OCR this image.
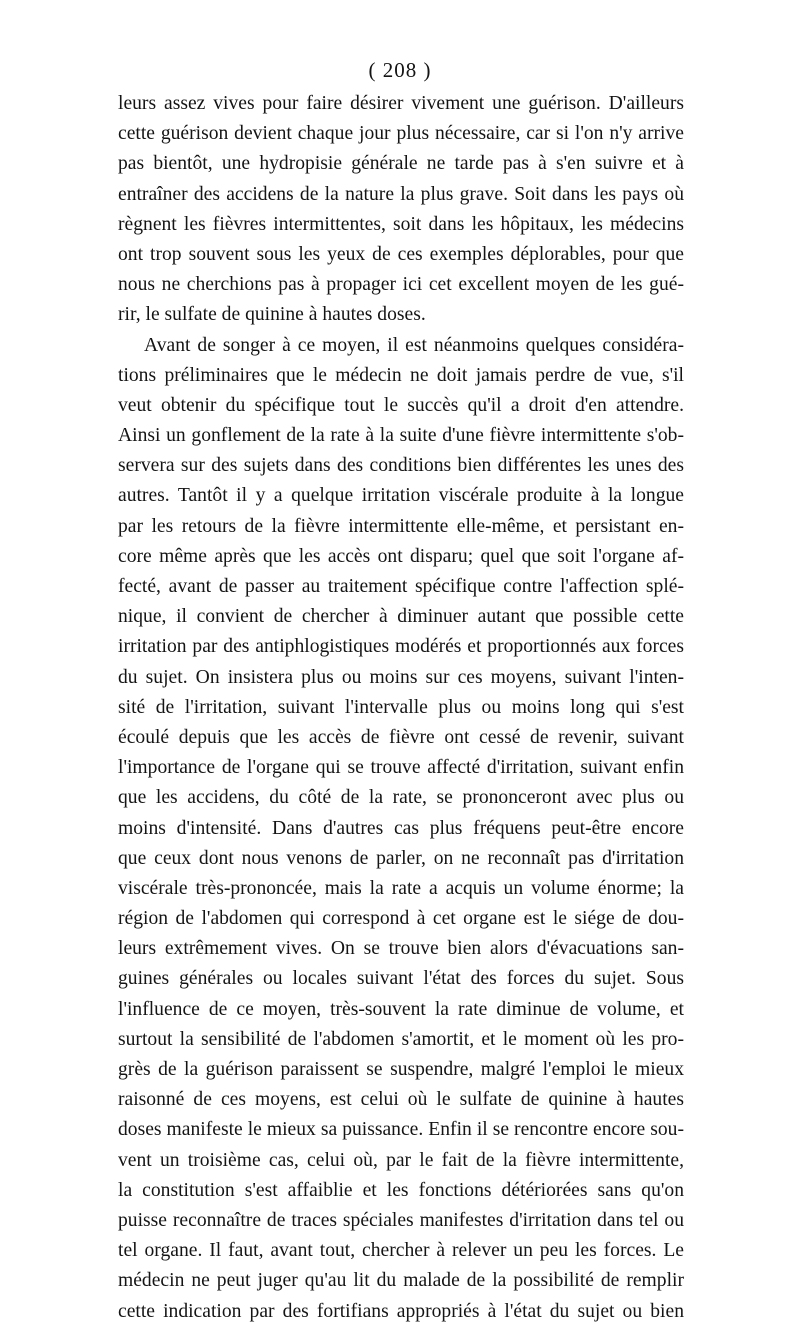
( 208 )
leurs assez vives pour faire désirer vivement une guérison. D'ailleurs
cette guérison devient chaque jour plus nécessaire, car si l'on n'y arrive
pas bientôt, une hydropisie générale ne tarde pas à s'en suivre et à
entraîner des accidens de la nature la plus grave. Soit dans les pays où
règnent les fièvres intermittentes, soit dans les hôpitaux, les médecins
ont trop souvent sous les yeux de ces exemples déplorables, pour que
nous ne cherchions pas à propager ici cet excellent moyen de les gué-
rir, le sulfate de quinine à hautes doses.
Avant de songer à ce moyen, il est néanmoins quelques considéra-
tions préliminaires que le médecin ne doit jamais perdre de vue, s'il
veut obtenir du spécifique tout le succès qu'il a droit d'en attendre.
Ainsi un gonflement de la rate à la suite d'une fièvre intermittente s'ob-
servera sur des sujets dans des conditions bien différentes les unes des
autres. Tantôt il y a quelque irritation viscérale produite à la longue
par les retours de la fièvre intermittente elle-même, et persistant en-
core même après que les accès ont disparu; quel que soit l'organe af-
fecté, avant de passer au traitement spécifique contre l'affection splé-
nique, il convient de chercher à diminuer autant que possible cette
irritation par des antiphlogistiques modérés et proportionnés aux forces
du sujet. On insistera plus ou moins sur ces moyens, suivant l'inten-
sité de l'irritation, suivant l'intervalle plus ou moins long qui s'est
écoulé depuis que les accès de fièvre ont cessé de revenir, suivant
l'importance de l'organe qui se trouve affecté d'irritation, suivant enfin
que les accidens, du côté de la rate, se prononceront avec plus ou
moins d'intensité. Dans d'autres cas plus fréquens peut-être encore
que ceux dont nous venons de parler, on ne reconnaît pas d'irritation
viscérale très-prononcée, mais la rate a acquis un volume énorme; la
région de l'abdomen qui correspond à cet organe est le siége de dou-
leurs extrêmement vives. On se trouve bien alors d'évacuations san-
guines générales ou locales suivant l'état des forces du sujet. Sous
l'influence de ce moyen, très-souvent la rate diminue de volume, et
surtout la sensibilité de l'abdomen s'amortit, et le moment où les pro-
grès de la guérison paraissent se suspendre, malgré l'emploi le mieux
raisonné de ces moyens, est celui où le sulfate de quinine à hautes
doses manifeste le mieux sa puissance. Enfin il se rencontre encore sou-
vent un troisième cas, celui où, par le fait de la fièvre intermittente,
la constitution s'est affaiblie et les fonctions détériorées sans qu'on
puisse reconnaître de traces spéciales manifestes d'irritation dans tel ou
tel organe. Il faut, avant tout, chercher à relever un peu les forces. Le
médecin ne peut juger qu'au lit du malade de la possibilité de remplir
cette indication par des fortifians appropriés à l'état du sujet ou bien
